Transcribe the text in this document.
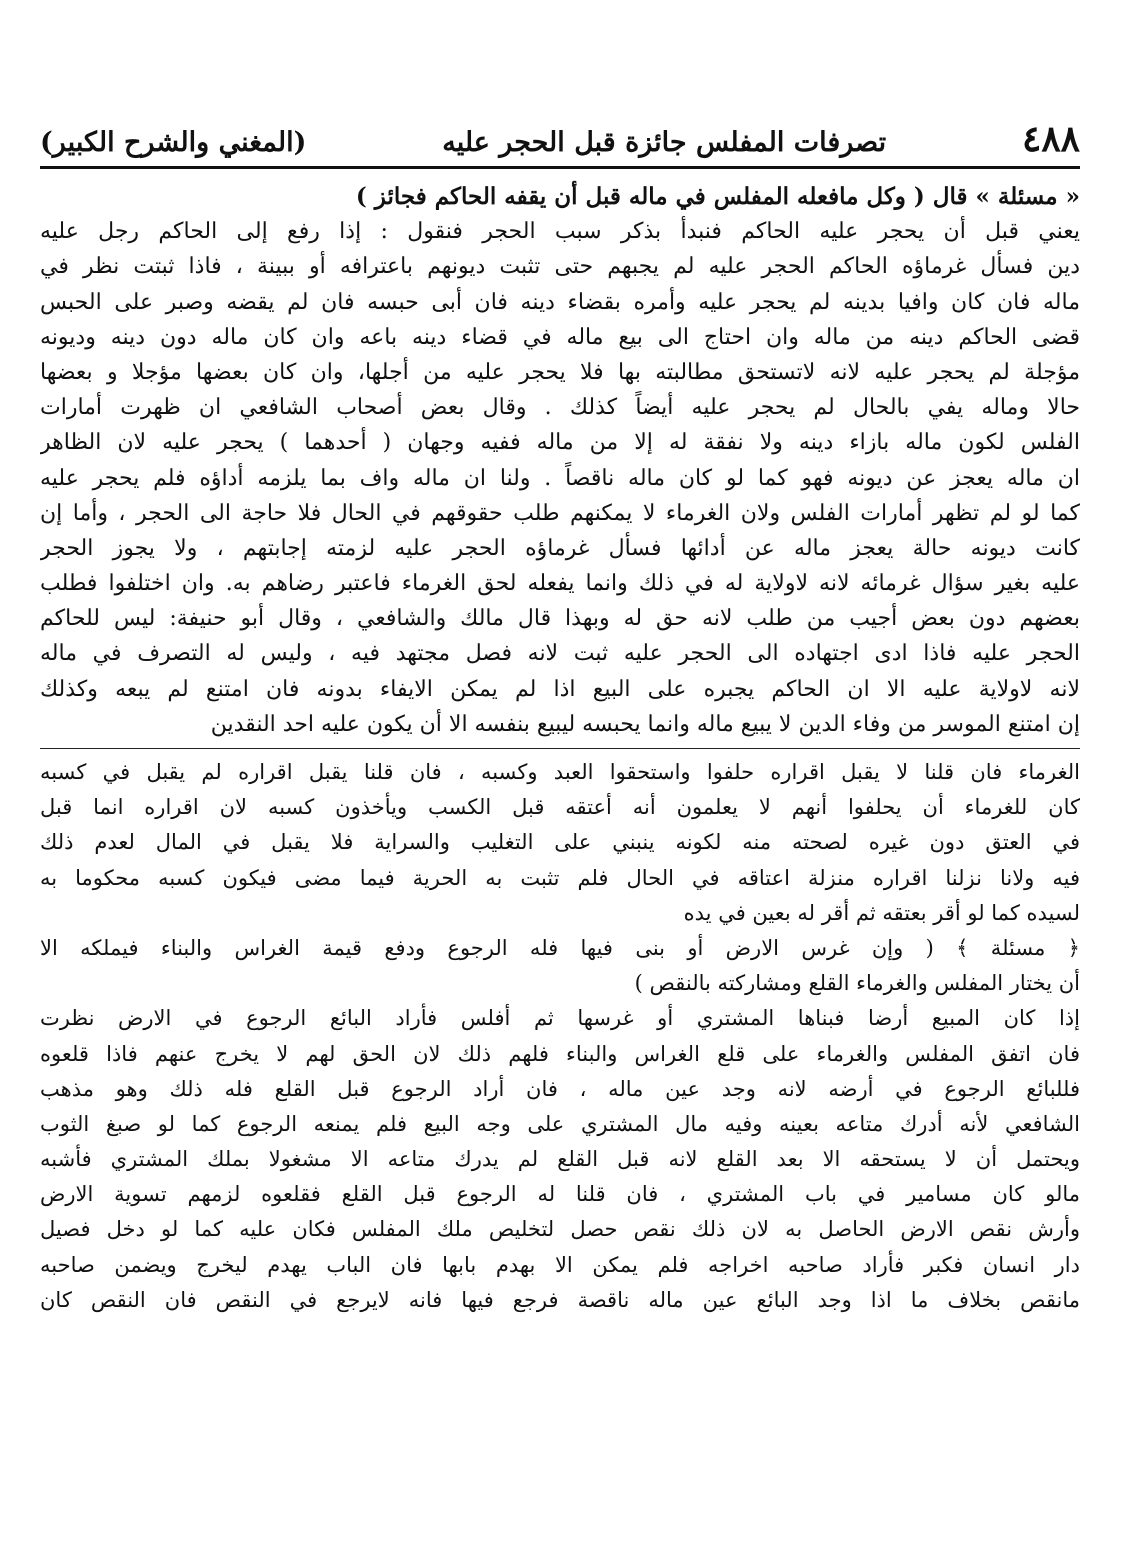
٤٨٨
تصرفات المفلس جائزة قبل الحجر عليه
(المغني والشرح الكبير)
« مسئلة » قال ( وكل مافعله المفلس في ماله قبل أن يقفه الحاكم فجائز )
يعني قبل أن يحجر عليه الحاكم فنبدأ بذكر سبب الحجر فنقول : إذا رفع إلى الحاكم رجل عليه
دين فسأل غرماؤه الحاكم الحجر عليه لم يجبهم حتى تثبت ديونهم باعترافه أو ببينة ، فاذا ثبتت نظر في
ماله فان كان وافيا بدينه لم يحجر عليه وأمره بقضاء دينه فان أبى حبسه فان لم يقضه وصبر على الحبس
قضى الحاكم دينه من ماله وان احتاج الى بيع ماله في قضاء دينه باعه وان كان ماله دون دينه وديونه
مؤجلة لم يحجر عليه لانه لاتستحق مطالبته بها فلا يحجر عليه من أجلها، وان كان بعضها مؤجلا و بعضها
حالا وماله يفي بالحال لم يحجر عليه أيضاً كذلك . وقال بعض أصحاب الشافعي ان ظهرت أمارات
الفلس لكون ماله بازاء دينه ولا نفقة له إلا من ماله ففيه وجهان ( أحدهما ) يحجر عليه لان الظاهر
ان ماله يعجز عن ديونه فهو كما لو كان ماله ناقصاً . ولنا ان ماله واف بما يلزمه أداؤه فلم يحجر عليه
كما لو لم تظهر أمارات الفلس ولان الغرماء لا يمكنهم طلب حقوقهم في الحال فلا حاجة الى الحجر ، وأما إن
كانت ديونه حالة يعجز ماله عن أدائها فسأل غرماؤه الحجر عليه لزمته إجابتهم ، ولا يجوز الحجر
عليه بغير سؤال غرمائه لانه لاولاية له في ذلك وانما يفعله لحق الغرماء فاعتبر رضاهم به. وان اختلفوا فطلب
بعضهم دون بعض أجيب من طلب لانه حق له وبهذا قال مالك والشافعي ، وقال أبو حنيفة: ليس للحاكم
الحجر عليه فاذا ادى اجتهاده الى الحجر عليه ثبت لانه فصل مجتهد فيه ، وليس له التصرف في ماله
لانه لاولاية عليه الا ان الحاكم يجبره على البيع اذا لم يمكن الايفاء بدونه فان امتنع لم يبعه وكذلك
إن امتنع الموسر من وفاء الدين لا يبيع ماله وانما يحبسه ليبيع بنفسه الا أن يكون عليه احد النقدين
الغرماء فان قلنا لا يقبل اقراره حلفوا واستحقوا العبد وكسبه ، فان قلنا يقبل اقراره لم يقبل في كسبه
كان للغرماء أن يحلفوا أنهم لا يعلمون أنه أعتقه قبل الكسب ويأخذون كسبه لان اقراره انما قبل
في العتق دون غيره لصحته منه لكونه ينبني على التغليب والسراية فلا يقبل في المال لعدم ذلك
فيه ولانا نزلنا اقراره منزلة اعتاقه في الحال فلم تثبت به الحرية فيما مضى فيكون كسبه محكوما به
لسيده كما لو أقر بعتقه ثم أقر له بعين في يده
﴿ مسئلة ﴾ ( وإن غرس الارض أو بنى فيها فله الرجوع ودفع قيمة الغراس والبناء فيملكه الا
أن يختار المفلس والغرماء القلع ومشاركته بالنقص )
إذا كان المبيع أرضا فبناها المشتري أو غرسها ثم أفلس فأراد البائع الرجوع في الارض نظرت
فان اتفق المفلس والغرماء على قلع الغراس والبناء فلهم ذلك لان الحق لهم لا يخرج عنهم فاذا قلعوه
فللبائع الرجوع في أرضه لانه وجد عين ماله ، فان أراد الرجوع قبل القلع فله ذلك وهو مذهب
الشافعي لأنه أدرك متاعه بعينه وفيه مال المشتري على وجه البيع فلم يمنعه الرجوع كما لو صبغ الثوب
ويحتمل أن لا يستحقه الا بعد القلع لانه قبل القلع لم يدرك متاعه الا مشغولا بملك المشتري فأشبه
مالو كان مسامير في باب المشتري ، فان قلنا له الرجوع قبل القلع فقلعوه لزمهم تسوية الارض
وأرش نقص الارض الحاصل به لان ذلك نقص حصل لتخليص ملك المفلس فكان عليه كما لو دخل فصيل
دار انسان فكبر فأراد صاحبه اخراجه فلم يمكن الا بهدم بابها فان الباب يهدم ليخرج ويضمن صاحبه
مانقص بخلاف ما اذا وجد البائع عين ماله ناقصة فرجع فيها فانه لايرجع في النقص فان النقص كان
